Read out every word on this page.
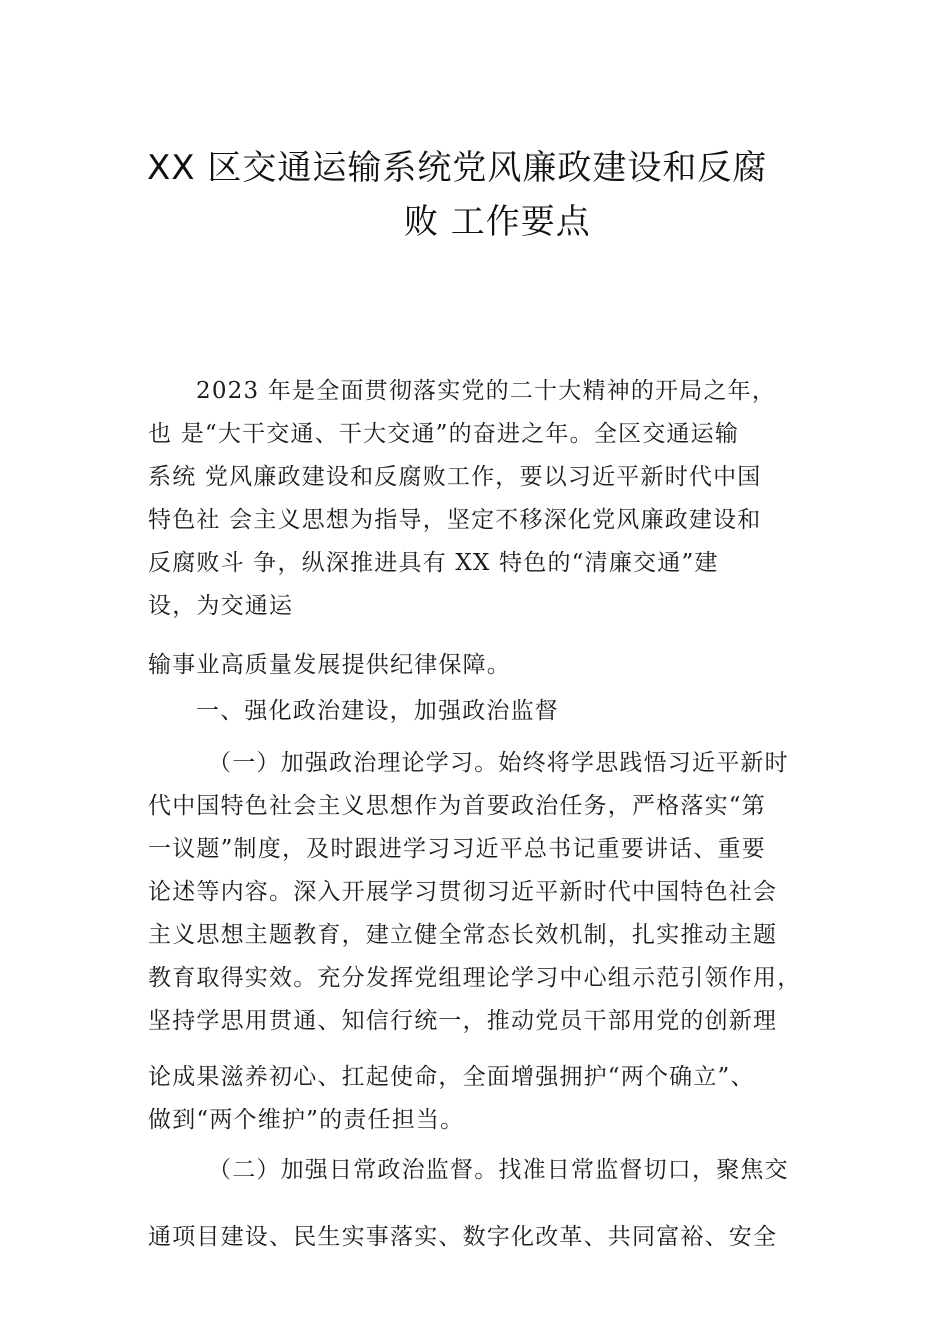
XX 区交通运输系统党风廉政建设和反腐
败 工作要点
2023 年是全面贯彻落实党的二十大精神的开局之年，
也 是“大干交通、干大交通”的奋进之年。全区交通运输
系统 党风廉政建设和反腐败工作，要以习近平新时代中国
特色社 会主义思想为指导，坚定不移深化党风廉政建设和
反腐败斗 争，纵深推进具有 XX 特色的“清廉交通”建
设，为交通运
输事业高质量发展提供纪律保障。
一、强化政治建设，加强政治监督
（一）加强政治理论学习。始终将学思践悟习近平新时
代中国特色社会主义思想作为首要政治任务，严格落实“第
一议题”制度，及时跟进学习习近平总书记重要讲话、重要
论述等内容。深入开展学习贯彻习近平新时代中国特色社会
主义思想主题教育，建立健全常态长效机制，扎实推动主题
教育取得实效。充分发挥党组理论学习中心组示范引领作用，
坚持学思用贯通、知信行统一，推动党员干部用党的创新理
论成果滋养初心、扛起使命，全面增强拥护“两个确立”、
做到“两个维护”的责任担当。
（二）加强日常政治监督。找准日常监督切口，聚焦交
通项目建设、民生实事落实、数字化改革、共同富裕、安全
